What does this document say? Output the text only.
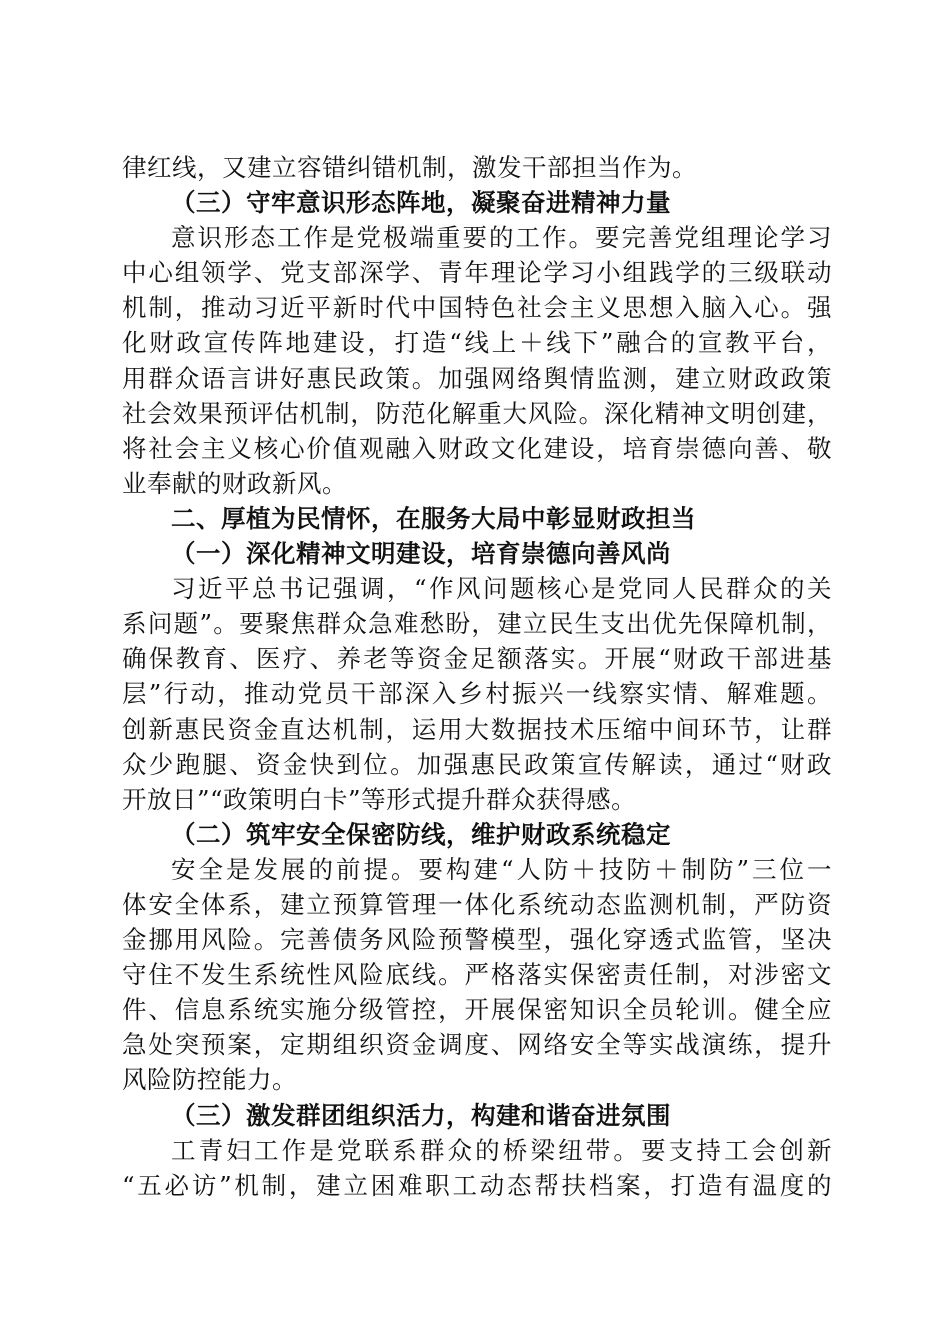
律红线，又建立容错纠错机制，激发干部担当作为。
（三）守牢意识形态阵地，凝聚奋进精神力量
意识形态工作是党极端重要的工作。要完善党组理论学习
中心组领学、党支部深学、青年理论学习小组践学的三级联动
机制，推动习近平新时代中国特色社会主义思想入脑入心。强
化财政宣传阵地建设，打造“线上＋线下”融合的宣教平台，
用群众语言讲好惠民政策。加强网络舆情监测，建立财政政策
社会效果预评估机制，防范化解重大风险。深化精神文明创建，
将社会主义核心价值观融入财政文化建设，培育崇德向善、敬
业奉献的财政新风。
二、厚植为民情怀，在服务大局中彰显财政担当
（一）深化精神文明建设，培育崇德向善风尚
习近平总书记强调，“作风问题核心是党同人民群众的关
系问题”。要聚焦群众急难愁盼，建立民生支出优先保障机制，
确保教育、医疗、养老等资金足额落实。开展“财政干部进基
层”行动，推动党员干部深入乡村振兴一线察实情、解难题。
创新惠民资金直达机制，运用大数据技术压缩中间环节，让群
众少跑腿、资金快到位。加强惠民政策宣传解读，通过“财政
开放日”“政策明白卡”等形式提升群众获得感。
（二）筑牢安全保密防线，维护财政系统稳定
安全是发展的前提。要构建“人防＋技防＋制防”三位一
体安全体系，建立预算管理一体化系统动态监测机制，严防资
金挪用风险。完善债务风险预警模型，强化穿透式监管，坚决
守住不发生系统性风险底线。严格落实保密责任制，对涉密文
件、信息系统实施分级管控，开展保密知识全员轮训。健全应
急处突预案，定期组织资金调度、网络安全等实战演练，提升
风险防控能力。
（三）激发群团组织活力，构建和谐奋进氛围
工青妇工作是党联系群众的桥梁纽带。要支持工会创新
“五必访”机制，建立困难职工动态帮扶档案，打造有温度的
